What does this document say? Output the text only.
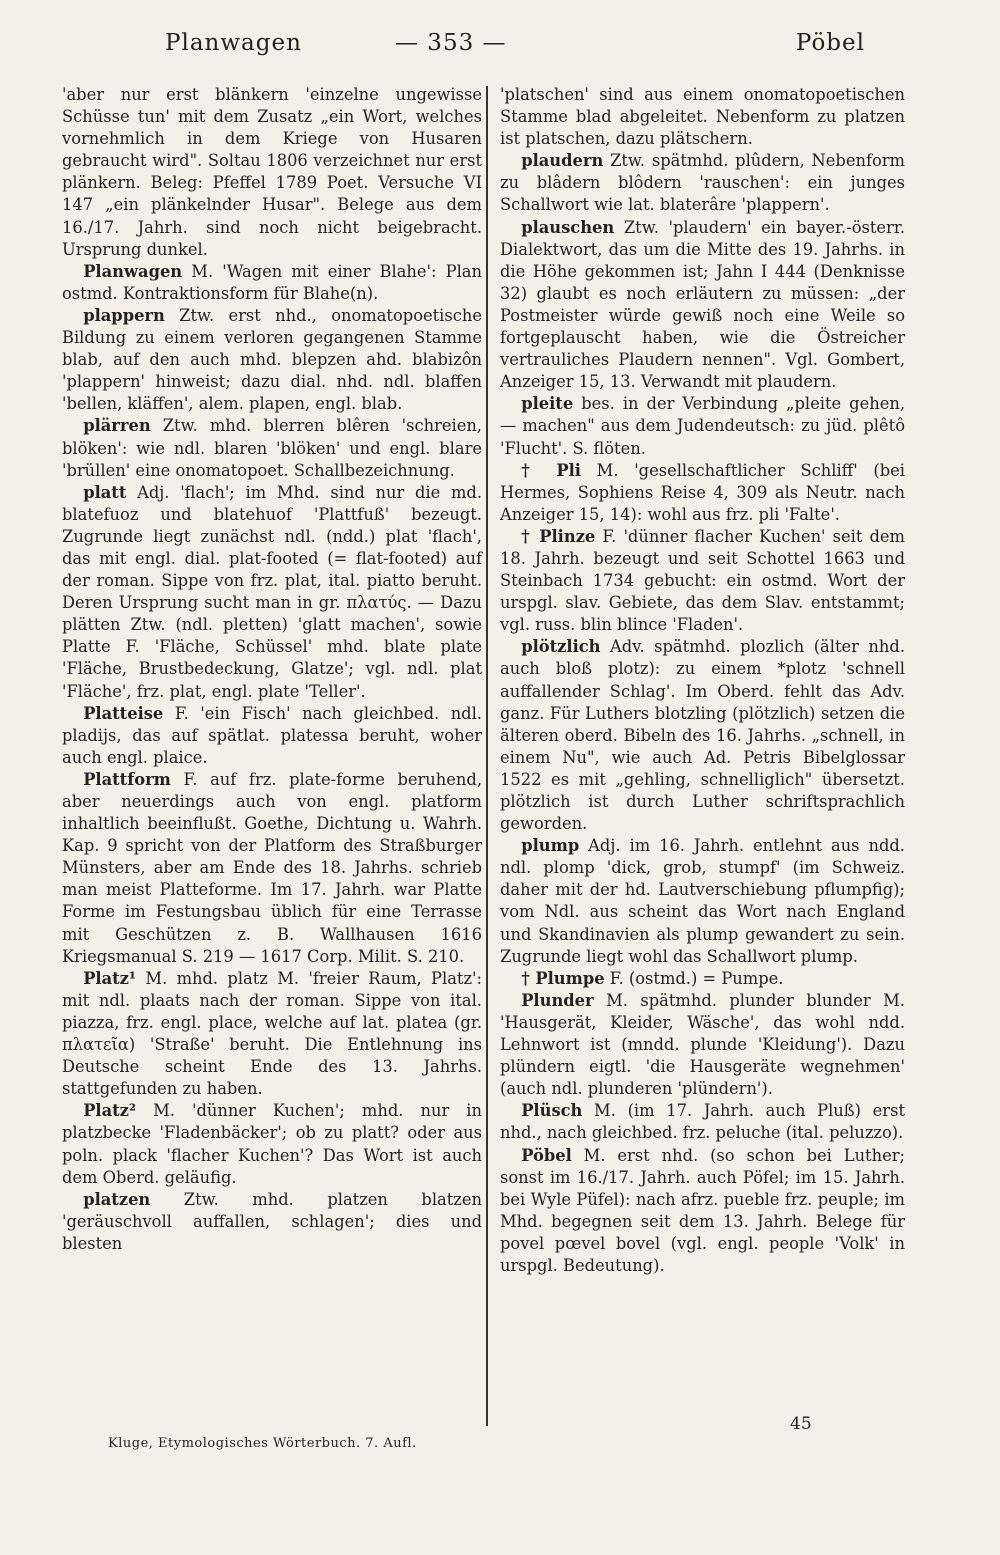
Planwagen	— 353 —	Pöbel

'aber nur erst blänkern 'einzelne ungewisse Schüsse tun' mit dem Zusatz „ein Wort, welches vornehmlich in dem Kriege von Husaren gebraucht wird". Soltau 1806 verzeichnet nur erst plänkern. Beleg: Pfeffel 1789 Poet. Versuche VI 147 „ein plänkelnder Husar". Belege aus dem 16./17. Jahrh. sind noch nicht beigebracht. Ursprung dunkel.

Planwagen M. 'Wagen mit einer Blahe': Plan ostmd. Kontraktionsform für Blahe(n).

plappern Ztw. erst nhd., onomatopoetische Bildung zu einem verloren gegangenen Stamme blab, auf den auch mhd. blepzen ahd. blabizôn 'plappern' hinweist; dazu dial. nhd. ndl. blaffen 'bellen, kläffen', alem. plapen, engl. blab.

plärren Ztw. mhd. blerren blêren 'schreien, blöken': wie ndl. blaren 'blöken' und engl. blare 'brüllen' eine onomatopoet. Schallbezeichnung.

platt Adj. 'flach'; im Mhd. sind nur die md. blatefuoz und blatehuof 'Plattfuß' bezeugt. Zugrunde liegt zunächst ndl. (ndd.) plat 'flach', das mit engl. dial. plat-footed (= flat-footed) auf der roman. Sippe von frz. plat, ital. piatto beruht. Deren Ursprung sucht man in gr. πλατύς. — Dazu plätten Ztw. (ndl. pletten) 'glatt machen', sowie Platte F. 'Fläche, Schüssel' mhd. blate plate 'Fläche, Brustbedeckung, Glatze'; vgl. ndl. plat 'Fläche', frz. plat, engl. plate 'Teller'.

Platteise F. 'ein Fisch' nach gleichbed. ndl. pladijs, das auf spätlat. platessa beruht, woher auch engl. plaice.

Plattform F. auf frz. plate-forme beruhend, aber neuerdings auch von engl. platform inhaltlich beeinflußt. Goethe, Dichtung u. Wahrh. Kap. 9 spricht von der Platform des Straßburger Münsters, aber am Ende des 18. Jahrhs. schrieb man meist Platteforme. Im 17. Jahrh. war Platte Forme im Festungsbau üblich für eine Terrasse mit Geschützen z. B. Wallhausen 1616 Kriegsmanual S. 219 — 1617 Corp. Milit. S. 210.

Platz¹ M. mhd. platz M. 'freier Raum, Platz': mit ndl. plaats nach der roman. Sippe von ital. piazza, frz. engl. place, welche auf lat. platea (gr. πλατεῖα) 'Straße' beruht. Die Entlehnung ins Deutsche scheint Ende des 13. Jahrhs. stattgefunden zu haben.

Platz² M. 'dünner Kuchen'; mhd. nur in platzbecke 'Fladenbäcker'; ob zu platt? oder aus poln. plack 'flacher Kuchen'? Das Wort ist auch dem Oberd. geläufig.

platzen Ztw. mhd. platzen blatzen 'geräuschvoll auffallen, schlagen'; dies und blesten

'platschen' sind aus einem onomatopoetischen Stamme blad abgeleitet. Nebenform zu platzen ist platschen, dazu plätschern.

plaudern Ztw. spätmhd. plûdern, Nebenform zu blâdern blôdern 'rauschen': ein junges Schallwort wie lat. blaterâre 'plappern'.

plauschen Ztw. 'plaudern' ein bayer.-österr. Dialektwort, das um die Mitte des 19. Jahrhs. in die Höhe gekommen ist; Jahn I 444 (Denknisse 32) glaubt es noch erläutern zu müssen: „der Postmeister würde gewiß noch eine Weile so fortgeplauscht haben, wie die Östreicher vertrauliches Plaudern nennen". Vgl. Gombert, Anzeiger 15, 13. Verwandt mit plaudern.

pleite bes. in der Verbindung „pleite gehen, — machen" aus dem Judendeutsch: zu jüd. plêtô 'Flucht'. S. flöten.

† Pli M. 'gesellschaftlicher Schliff' (bei Hermes, Sophiens Reise 4, 309 als Neutr. nach Anzeiger 15, 14): wohl aus frz. pli 'Falte'.

† Plinze F. 'dünner flacher Kuchen' seit dem 18. Jahrh. bezeugt und seit Schottel 1663 und Steinbach 1734 gebucht: ein ostmd. Wort der urspgl. slav. Gebiete, das dem Slav. entstammt; vgl. russ. blin blince 'Fladen'.

plötzlich Adv. spätmhd. plozlich (älter nhd. auch bloß plotz): zu einem *plotz 'schnell auffallender Schlag'. Im Oberd. fehlt das Adv. ganz. Für Luthers blotzling (plötzlich) setzen die älteren oberd. Bibeln des 16. Jahrhs. „schnell, in einem Nu", wie auch Ad. Petris Bibelglossar 1522 es mit „gehling, schnelliglich" übersetzt. plötzlich ist durch Luther schriftsprachlich geworden.

plump Adj. im 16. Jahrh. entlehnt aus ndd. ndl. plomp 'dick, grob, stumpf' (im Schweiz. daher mit der hd. Lautverschiebung pflumpfig); vom Ndl. aus scheint das Wort nach England und Skandinavien als plump gewandert zu sein. Zugrunde liegt wohl das Schallwort plump.

† Plumpe F. (ostmd.) = Pumpe.

Plunder M. spätmhd. plunder blunder M. 'Hausgerät, Kleider, Wäsche', das wohl ndd. Lehnwort ist (mndd. plunde 'Kleidung'). Dazu plündern eigtl. 'die Hausgeräte wegnehmen' (auch ndl. plunderen 'plündern').

Plüsch M. (im 17. Jahrh. auch Pluß) erst nhd., nach gleichbed. frz. peluche (ital. peluzzo).

Pöbel M. erst nhd. (so schon bei Luther; sonst im 16./17. Jahrh. auch Pöfel; im 15. Jahrh. bei Wyle Püfel): nach afrz. pueble frz. peuple; im Mhd. begegnen seit dem 13. Jahrh. Belege für povel pœvel bovel (vgl. engl. people 'Volk' in urspgl. Bedeutung).

Kluge, Etymologisches Wörterbuch. 7. Aufl.
45
